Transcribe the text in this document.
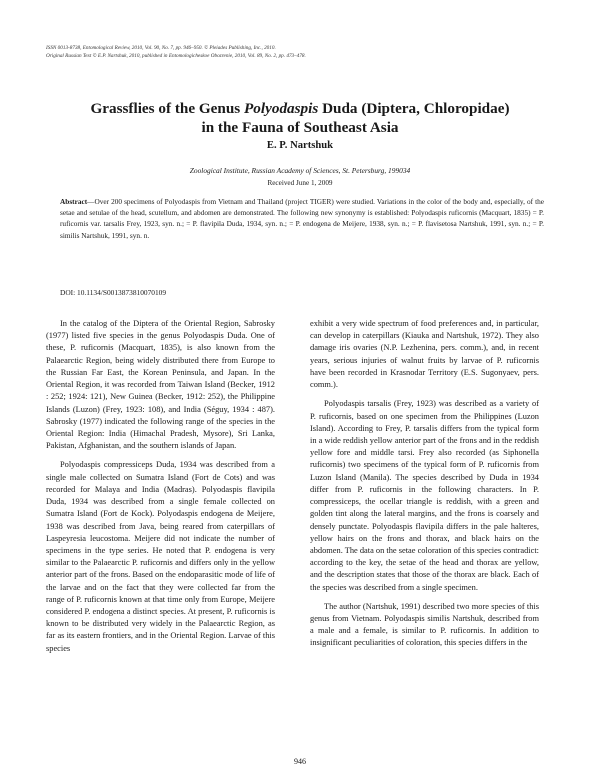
ISSN 0013-8738, Entomological Review, 2010, Vol. 90, No. 7, pp. 946–950. © Pleiades Publishing, Inc., 2010.
Original Russian Text © E.P. Nartshuk, 2010, published in Entomologicheskoe Obozrenie, 2010, Vol. 89, No. 2, pp. 473–478.
Grassflies of the Genus Polyodaspis Duda (Diptera, Chloropidae)
in the Fauna of Southeast Asia
E. P. Nartshuk
Zoological Institute, Russian Academy of Sciences, St. Petersburg, 199034
Received June 1, 2009
Abstract—Over 200 specimens of Polyodaspis from Vietnam and Thailand (project TIGER) were studied. Variations in the color of the body and, especially, of the setae and setulae of the head, scutellum, and abdomen are demonstrated. The following new synonymy is established: Polyodaspis ruficornis (Macquart, 1835) = P. ruficornis var. tarsalis Frey, 1923, syn. n.; = P. flavipila Duda, 1934, syn. n.; = P. endogena de Meijere, 1938, syn. n.; = P. flavisetosa Nartshuk, 1991, syn. n.; = P. similis Nartshuk, 1991, syn. n.
DOI: 10.1134/S0013873810070109

In the catalog of the Diptera of the Oriental Region, Sabrosky (1977) listed five species in the genus Polyodaspis Duda. One of these, P. ruficornis (Macquart, 1835), is also known from the Palaearctic Region, being widely distributed there from Europe to the Russian Far East, the Korean Peninsula, and Japan. In the Oriental Region, it was recorded from Taiwan Island (Becker, 1912 : 252; 1924: 121), New Guinea (Becker, 1912: 252), the Philippine Islands (Luzon) (Frey, 1923: 108), and India (Séguy, 1934 : 487). Sabrosky (1977) indicated the following range of the species in the Oriental Region: India (Himachal Pradesh, Mysore), Sri Lanka, Pakistan, Afghanistan, and the southern islands of Japan.

Polyodaspis compressiceps Duda, 1934 was described from a single male collected on Sumatra Island (Fort de Cots) and was recorded for Malaya and India (Madras). Polyodaspis flavipila Duda, 1934 was described from a single female collected on Sumatra Island (Fort de Kock). Polyodaspis endogena de Meijere, 1938 was described from Java, being reared from caterpillars of Laspeyresia leucostoma. Meijere did not indicate the number of specimens in the type series. He noted that P. endogena is very similar to the Palaearctic P. ruficornis and differs only in the yellow anterior part of the frons. Based on the endoparasitic mode of life of the larvae and on the fact that they were collected far from the range of P. ruficornis known at that time only from Europe, Meijere considered P. endogena a distinct species. At present, P. ruficornis is known to be distributed very widely in the Palaearctic Region, as far as its eastern frontiers, and in the Oriental Region. Larvae of this species

exhibit a very wide spectrum of food preferences and, in particular, can develop in caterpillars (Kiauka and Nartshuk, 1972). They also damage iris ovaries (N.P. Lezhenina, pers. comm.), and, in recent years, serious injuries of walnut fruits by larvae of P. ruficornis have been recorded in Krasnodar Territory (E.S. Sugonyaev, pers. comm.).

Polyodaspis tarsalis (Frey, 1923) was described as a variety of P. ruficornis, based on one specimen from the Philippines (Luzon Island). According to Frey, P. tarsalis differs from the typical form in a wide reddish yellow anterior part of the frons and in the reddish yellow fore and middle tarsi. Frey also recorded (as Siphonella ruficornis) two specimens of the typical form of P. ruficornis from Luzon Island (Manila). The species described by Duda in 1934 differ from P. ruficornis in the following characters. In P. compressiceps, the ocellar triangle is reddish, with a green and golden tint along the lateral margins, and the frons is coarsely and densely punctate. Polyodaspis flavipila differs in the pale halteres, yellow hairs on the frons and thorax, and black hairs on the abdomen. The data on the setae coloration of this species contradict: according to the key, the setae of the head and thorax are yellow, and the description states that those of the thorax are black. Each of the species was described from a single specimen.

The author (Nartshuk, 1991) described two more species of this genus from Vietnam. Polyodaspis similis Nartshuk, described from a male and a female, is similar to P. ruficornis. In addition to insignificant peculiarities of coloration, this species differs in the

946
